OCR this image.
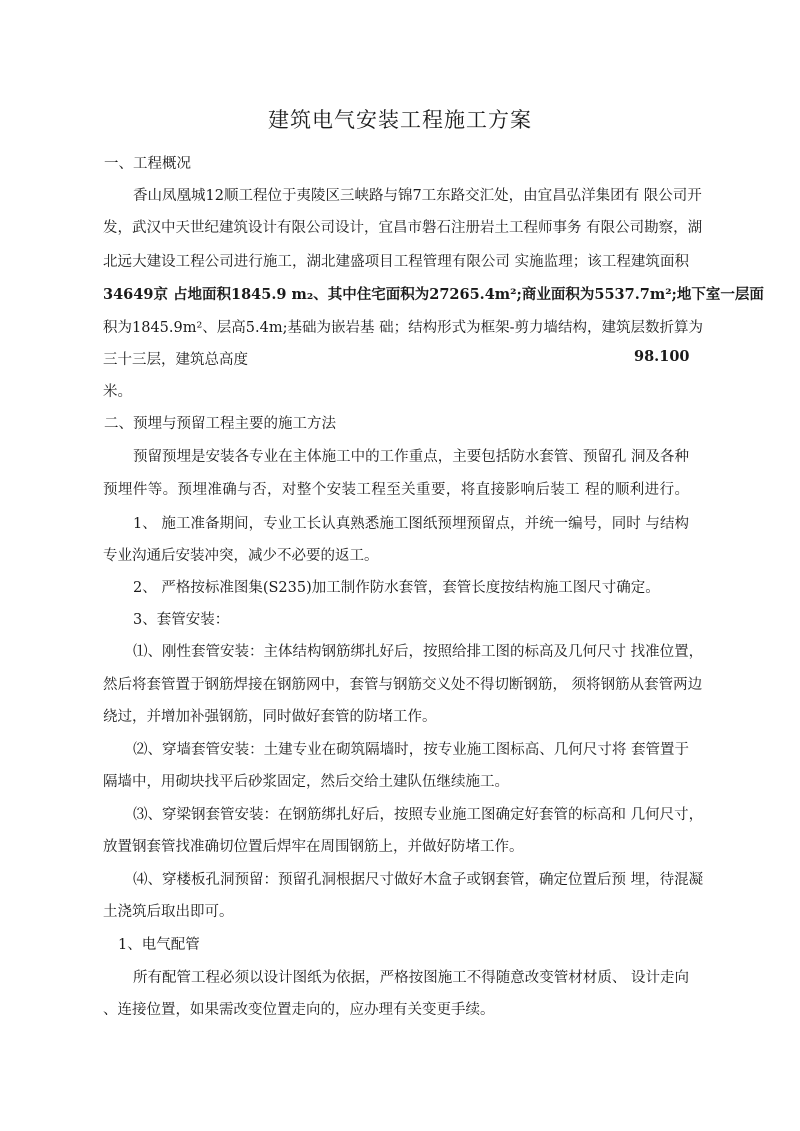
建筑电气安装工程施工方案
一、工程概况
香山凤凰城12顺工程位于夷陵区三峡路与锦7工东路交汇处，由宜昌弘洋集团有 限公司开
发，武汉中天世纪建筑设计有限公司设计，宜昌市磐石注册岩土工程师事务 有限公司勘察，湖
北远大建设工程公司进行施工，湖北建盛项目工程管理有限公司 实施监理；该工程建筑面积
34649京 占地面积1845.9 m₂、其中住宅面积为27265.4m²;商业面积为5537.7m²;地下室一层面
积为1845.9m²、层高5.4m;基础为嵌岩基 础；结构形式为框架-剪力墙结构，建筑层数折算为
三十三层，建筑总高度	98.100
米。
二、预埋与预留工程主要的施工方法
预留预埋是安装各专业在主体施工中的工作重点，主要包括防水套管、预留孔 洞及各种
预埋件等。预埋准确与否，对整个安装工程至关重要，将直接影响后装工 程的顺利进行。
1、 施工准备期间，专业工长认真熟悉施工图纸预埋预留点，并统一编号，同时 与结构
专业沟通后安装冲突，减少不必要的返工。
2、 严格按标准图集(S235)加工制作防水套管，套管长度按结构施工图尺寸确定。
3、套管安装：
⑴、刚性套管安装：主体结构钢筋绑扎好后，按照给排工图的标高及几何尺寸 找准位置，
然后将套管置于钢筋焊接在钢筋网中，套管与钢筋交义处不得切断钢筋， 须将钢筋从套管两边
绕过，并增加补强钢筋，同时做好套管的防堵工作。
⑵、穿墙套管安装：土建专业在砌筑隔墙时，按专业施工图标高、几何尺寸将 套管置于
隔墙中，用砌块找平后砂浆固定，然后交给土建队伍继续施工。
⑶、穿梁钢套管安装：在钢筋绑扎好后，按照专业施工图确定好套管的标高和 几何尺寸，
放置钢套管找准确切位置后焊牢在周围钢筋上，并做好防堵工作。
⑷、穿楼板孔洞预留：预留孔洞根据尺寸做好木盒子或钢套管，确定位置后预 埋，待混凝
土浇筑后取出即可。
1、电气配管
所有配管工程必须以设计图纸为依据，严格按图施工不得随意改变管材材质、 设计走向
、连接位置，如果需改变位置走向的，应办理有关变更手续。
